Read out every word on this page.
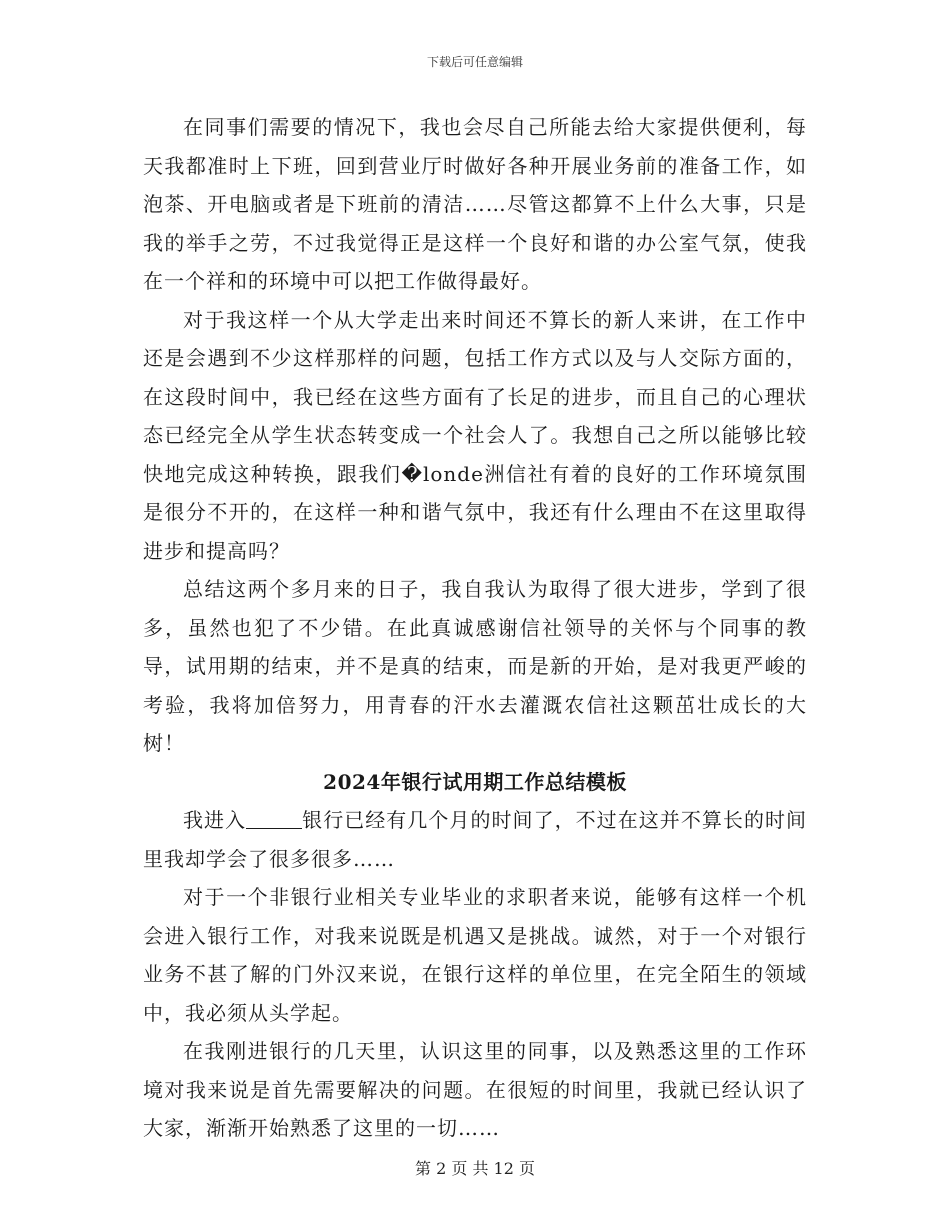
下载后可任意编辑

在同事们需要的情况下，我也会尽自己所能去给大家提供便利，每天我都准时上下班，回到营业厅时做好各种开展业务前的准备工作，如泡茶、开电脑或者是下班前的清洁……尽管这都算不上什么大事，只是我的举手之劳，不过我觉得正是这样一个良好和谐的办公室气氛，使我在一个祥和的环境中可以把工作做得最好。

对于我这样一个从大学走出来时间还不算长的新人来讲，在工作中还是会遇到不少这样那样的问题，包括工作方式以及与人交际方面的，在这段时间中，我已经在这些方面有了长足的进步，而且自己的心理状态已经完全从学生状态转变成一个社会人了。我想自己之所以能够比较快地完成这种转换，跟我们�londe洲信社有着的良好的工作环境氛围是很分不开的，在这样一种和谐气氛中，我还有什么理由不在这里取得进步和提高吗？

总结这两个多月来的日子，我自我认为取得了很大进步，学到了很多，虽然也犯了不少错。在此真诚感谢信社领导的关怀与个同事的教导，试用期的结束，并不是真的结束，而是新的开始，是对我更严峻的考验，我将加倍努力，用青春的汗水去灌溉农信社这颗茁壮成长的大树！

2024年银行试用期工作总结模板

我进入	银行已经有几个月的时间了，不过在这并不算长的时间里我却学会了很多很多……

对于一个非银行业相关专业毕业的求职者来说，能够有这样一个机会进入银行工作，对我来说既是机遇又是挑战。诚然，对于一个对银行业务不甚了解的门外汉来说，在银行这样的单位里，在完全陌生的领域中，我必须从头学起。

在我刚进银行的几天里，认识这里的同事，以及熟悉这里的工作环境对我来说是首先需要解决的问题。在很短的时间里，我就已经认识了大家，渐渐开始熟悉了这里的一切……

第 2 页 共 12 页
